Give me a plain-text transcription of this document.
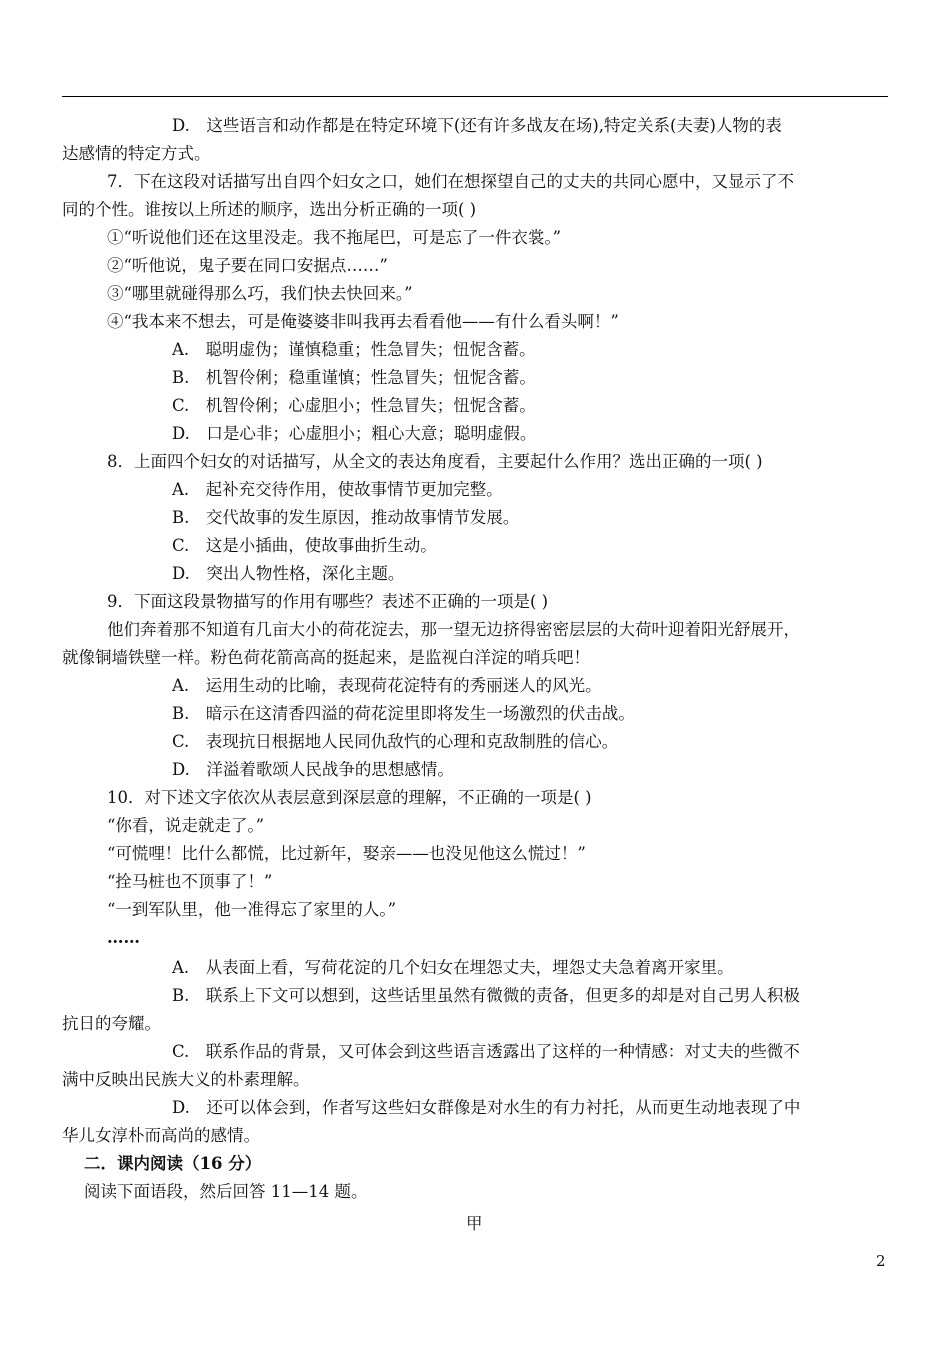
D.　这些语言和动作都是在特定环境下(还有许多战友在场),特定关系(夫妻)人物的表
达感情的特定方式。
7．下在这段对话描写出自四个妇女之口，她们在想探望自己的丈夫的共同心愿中，又显示了不
同的个性。谁按以上所述的顺序，选出分析正确的一项( )
①“听说他们还在这里没走。我不拖尾巴，可是忘了一件衣裳。”
②“听他说，鬼子要在同口安据点……”
③“哪里就碰得那么巧，我们快去快回来。”
④“我本来不想去，可是俺婆婆非叫我再去看看他——有什么看头啊！”
A.　聪明虚伪；谨慎稳重；性急冒失；忸怩含蓄。
B.　机智伶俐；稳重谨慎；性急冒失；忸怩含蓄。
C.　机智伶俐；心虚胆小；性急冒失；忸怩含蓄。
D.　口是心非；心虚胆小；粗心大意；聪明虚假。
8．上面四个妇女的对话描写，从全文的表达角度看，主要起什么作用？选出正确的一项( )
A.　起补充交待作用，使故事情节更加完整。
B.　交代故事的发生原因，推动故事情节发展。
C.　这是小插曲，使故事曲折生动。
D.　突出人物性格，深化主题。
9．下面这段景物描写的作用有哪些？表述不正确的一项是( )
他们奔着那不知道有几亩大小的荷花淀去，那一望无边挤得密密层层的大荷叶迎着阳光舒展开，
就像铜墙铁壁一样。粉色荷花箭高高的挺起来，是监视白洋淀的哨兵吧！
A.　运用生动的比喻，表现荷花淀特有的秀丽迷人的风光。
B.　暗示在这清香四溢的荷花淀里即将发生一场激烈的伏击战。
C.　表现抗日根据地人民同仇敌忾的心理和克敌制胜的信心。
D.　洋溢着歌颂人民战争的思想感情。
10．对下述文字依次从表层意到深层意的理解，不正确的一项是( )
“你看，说走就走了。”
“可慌哩！比什么都慌，比过新年，娶亲——也没见他这么慌过！”
“拴马桩也不顶事了！”
“一到军队里，他一准得忘了家里的人。”
……
A.　从表面上看，写荷花淀的几个妇女在埋怨丈夫，埋怨丈夫急着离开家里。
B.　联系上下文可以想到，这些话里虽然有微微的责备，但更多的却是对自己男人积极
抗日的夸耀。
C.　联系作品的背景，又可体会到这些语言透露出了这样的一种情感：对丈夫的些微不
满中反映出民族大义的朴素理解。
D.　还可以体会到，作者写这些妇女群像是对水生的有力衬托，从而更生动地表现了中
华儿女淳朴而高尚的感情。
二．课内阅读（16 分）
阅读下面语段，然后回答 11—14 题。
甲
2
